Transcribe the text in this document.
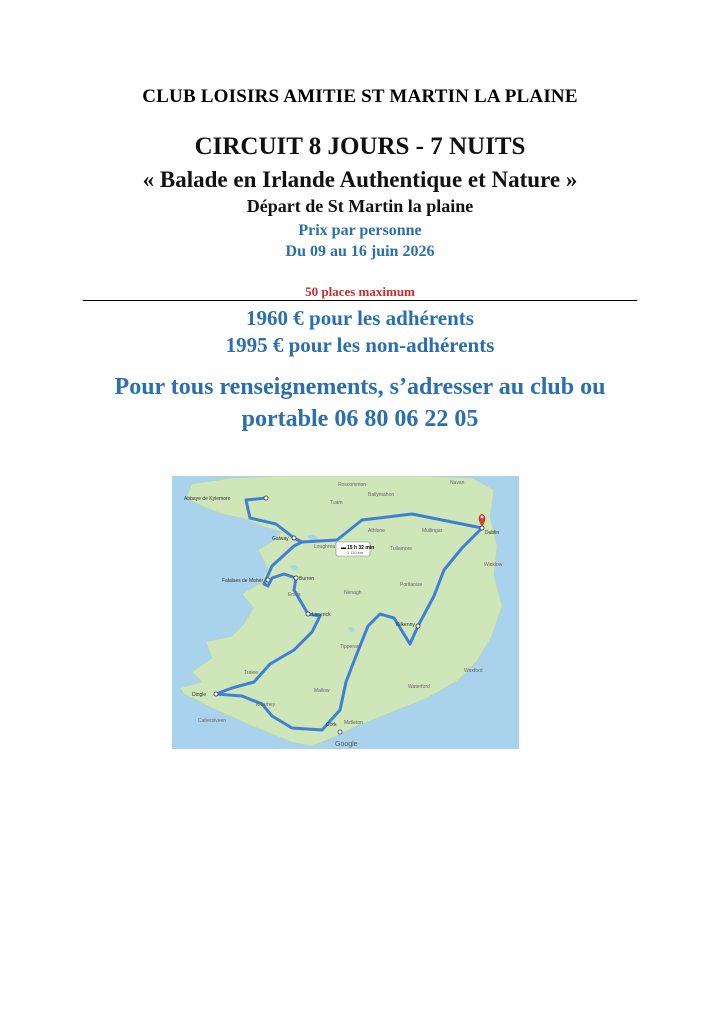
CLUB LOISIRS AMITIE ST MARTIN LA PLAINE
CIRCUIT 8 JOURS - 7 NUITS
« Balade en Irlande Authentique et Nature »
Départ de St Martin la plaine
Prix par personne
Du 09 au 16 juin 2026
50 places maximum
1960 € pour les adhérents
1995 € pour les non-adhérents
Pour tous renseignements, s’adresser au club ou
portable 06 80 06 22 05
Abbaye de Kylemore
Galway
Falaises de Moher	Burren
Limerick
Kilkenny
Dublin
Dingle
Cork
Roscommon
Ballymahon
Navan
Tuam
Athlone	Mullingar
Loughrea	Tullamore
Wicklow
Ennis	Nenagh
Portlaoise
Tralee
Tipperary
Wexford
Killarney
Mallow
Waterford
Cahersiveen	Midleton
▬ 15 h 32 min
1 110 km
Google
